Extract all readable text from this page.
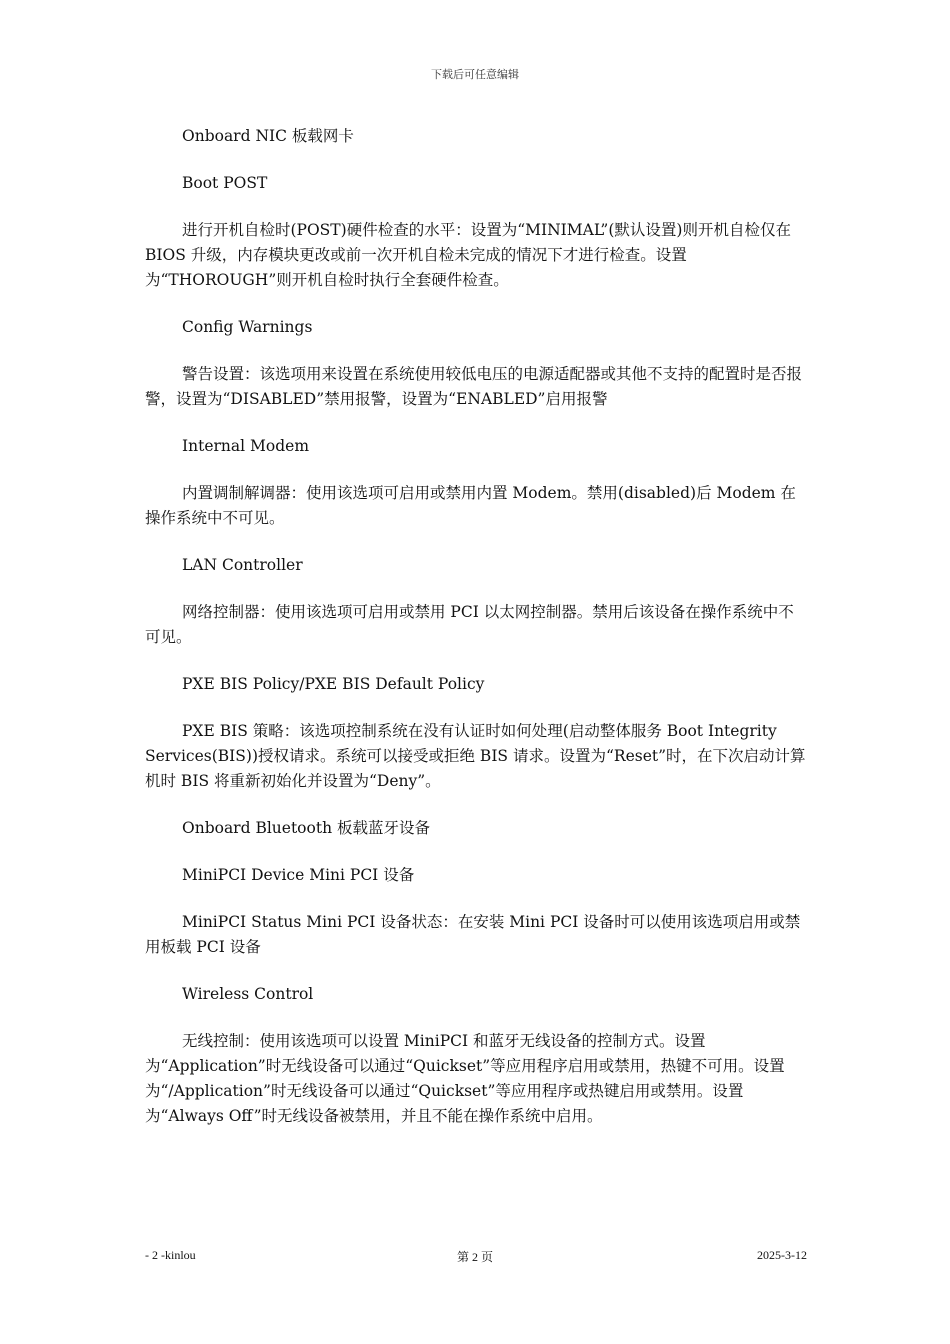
下载后可任意编辑

Onboard NIC 板载网卡

Boot POST

进行开机自检时(POST)硬件检查的水平：设置为“MINIMAL”(默认设置)则开机自检仅在 BIOS 升级，内存模块更改或前一次开机自检未完成的情况下才进行检查。设置为“THOROUGH”则开机自检时执行全套硬件检查。

Config Warnings

警告设置：该选项用来设置在系统使用较低电压的电源适配器或其他不支持的配置时是否报警，设置为“DISABLED”禁用报警，设置为“ENABLED”启用报警

Internal Modem

内置调制解调器：使用该选项可启用或禁用内置 Modem。禁用(disabled)后 Modem 在操作系统中不可见。

LAN Controller

网络控制器：使用该选项可启用或禁用 PCI 以太网控制器。禁用后该设备在操作系统中不可见。

PXE BIS Policy/PXE BIS Default Policy

PXE BIS 策略：该选项控制系统在没有认证时如何处理(启动整体服务 Boot Integrity Services(BIS))授权请求。系统可以接受或拒绝 BIS 请求。设置为“Reset”时，在下次启动计算机时 BIS 将重新初始化并设置为“Deny”。

Onboard Bluetooth 板载蓝牙设备

MiniPCI Device Mini PCI 设备

MiniPCI Status Mini PCI 设备状态：在安装 Mini PCI 设备时可以使用该选项启用或禁用板载 PCI 设备

Wireless Control

无线控制：使用该选项可以设置 MiniPCI 和蓝牙无线设备的控制方式。设置为“Application”时无线设备可以通过“Quickset”等应用程序启用或禁用，热键不可用。设置为“/Application”时无线设备可以通过“Quickset”等应用程序或热键启用或禁用。设置为“Always Off”时无线设备被禁用，并且不能在操作系统中启用。

- 2 -kinlou	第 2 页	2025-3-12
